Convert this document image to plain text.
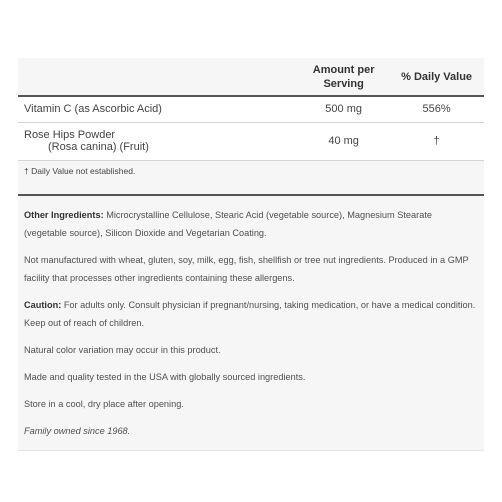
	Amount per
Serving	% Daily Value
Vitamin C (as Ascorbic Acid)	500 mg	556%
Rose Hips Powder
(Rosa canina) (Fruit)	40 mg	†
† Daily Value not established.		

Other Ingredients: Microcrystalline Cellulose, Stearic Acid (vegetable source), Magnesium Stearate (vegetable source), Silicon Dioxide and Vegetarian Coating.

Not manufactured with wheat, gluten, soy, milk, egg, fish, shellfish or tree nut ingredients. Produced in a GMP facility that processes other ingredients containing these allergens.

Caution: For adults only. Consult physician if pregnant/nursing, taking medication, or have a medical condition. Keep out of reach of children.

Natural color variation may occur in this product.

Made and quality tested in the USA with globally sourced ingredients.

Store in a cool, dry place after opening.

Family owned since 1968.
